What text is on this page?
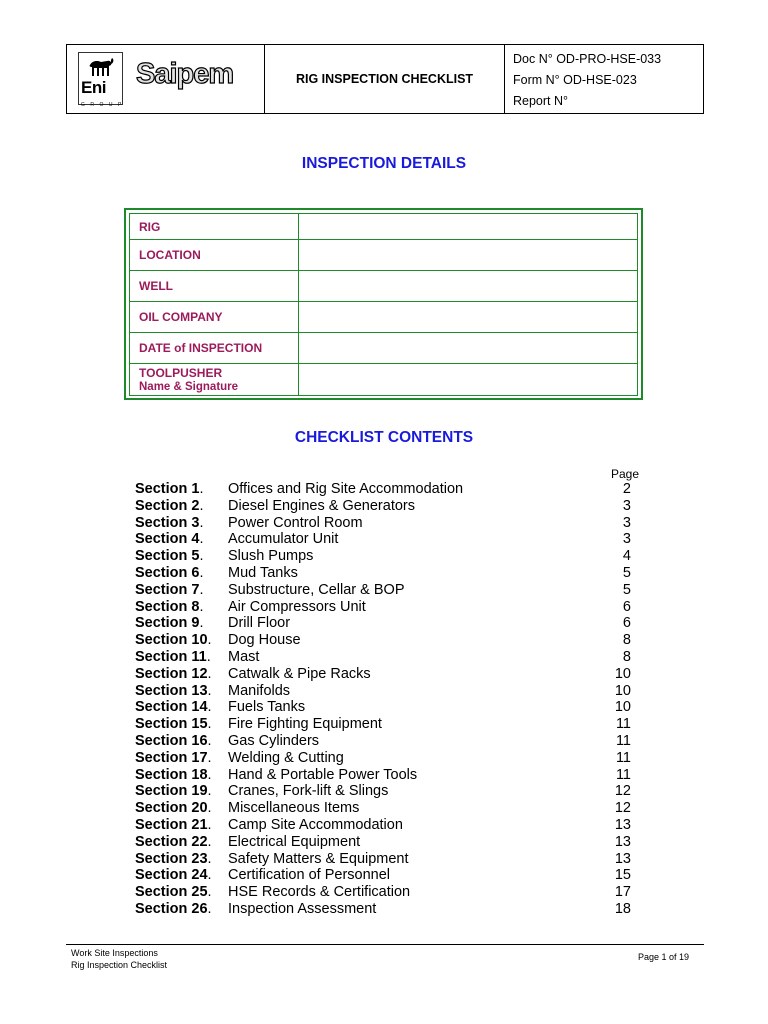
Eni
GROUP
Saipem	RIG INSPECTION CHECKLIST
Doc N° OD-PRO-HSE-033
Form N° OD-HSE-023
Report N°
INSPECTION DETAILS
RIG	
LOCATION	
WELL	
OIL COMPANY	
DATE of INSPECTION	

TOOLPUSHER
Name & Signature	

CHECKLIST CONTENTS
Page
Section 1. Offices and Rig Site Accommodation	2
Section 2. Diesel Engines & Generators	3
Section 3. Power Control Room	3
Section 4. Accumulator Unit	3
Section 5. Slush Pumps	4
Section 6. Mud Tanks	5
Section 7. Substructure, Cellar & BOP	5
Section 8. Air Compressors Unit	6
Section 9. Drill Floor	6
Section 10. Dog House	8
Section 11. Mast	8
Section 12. Catwalk & Pipe Racks	10
Section 13. Manifolds	10
Section 14. Fuels Tanks	10
Section 15. Fire Fighting Equipment	11
Section 16. Gas Cylinders	11
Section 17. Welding & Cutting	11
Section 18. Hand & Portable Power Tools	11
Section 19. Cranes, Fork-lift & Slings	12
Section 20. Miscellaneous Items	12
Section 21. Camp Site Accommodation	13
Section 22. Electrical Equipment	13
Section 23. Safety Matters & Equipment	13
Section 24. Certification of Personnel	15
Section 25. HSE Records & Certification	17
Section 26. Inspection Assessment	18
Work Site Inspections
Rig Inspection Checklist
Page 1 of 19
